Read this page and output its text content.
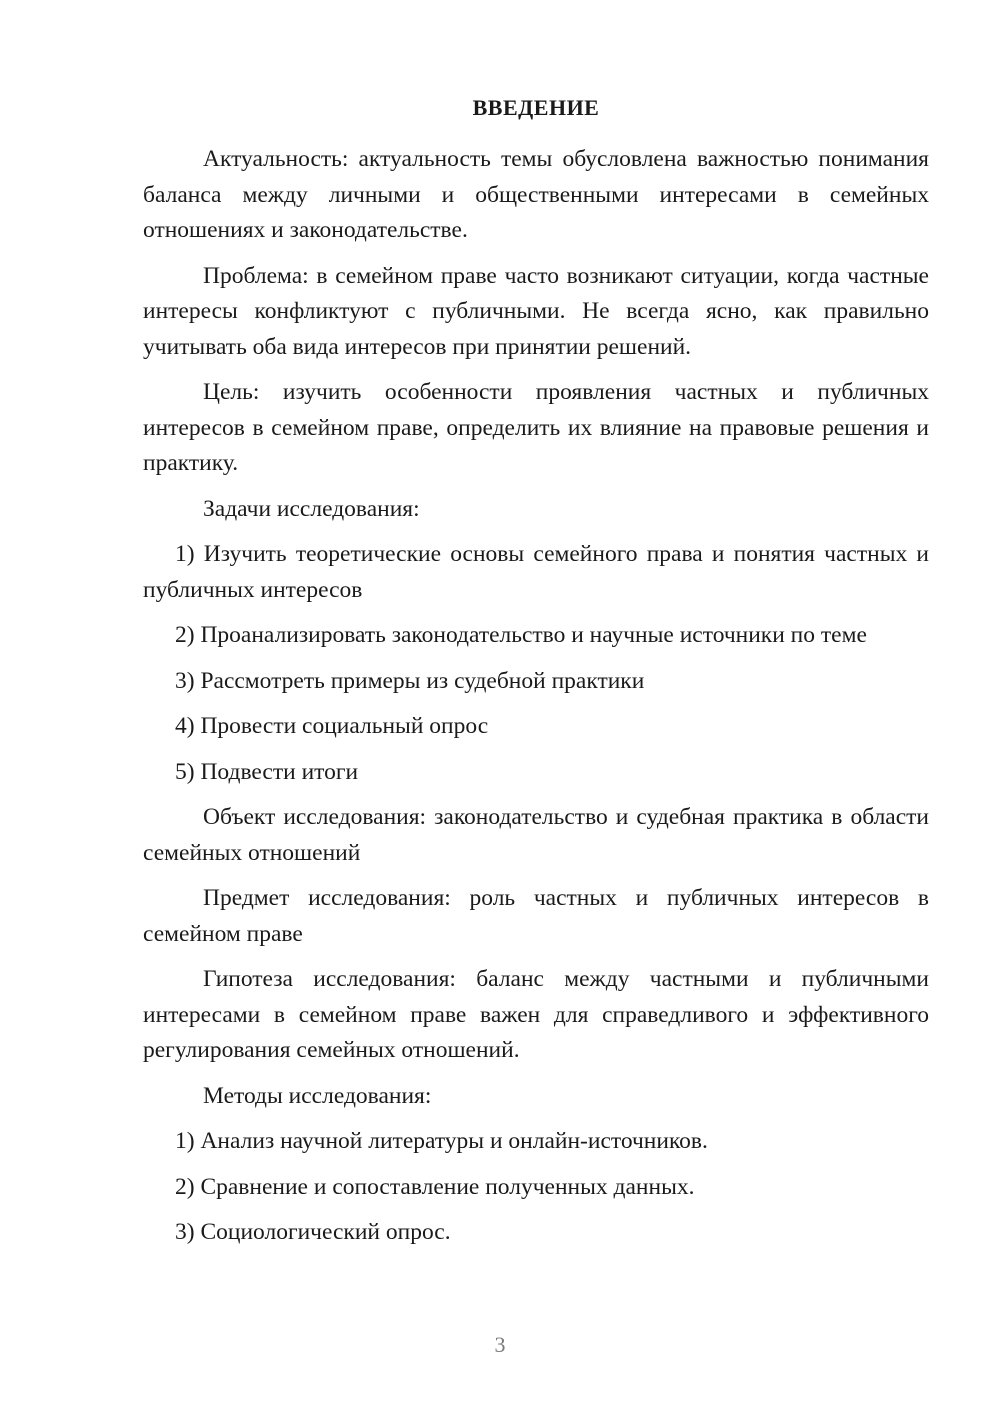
ВВЕДЕНИЕ

Актуальность: актуальность темы обусловлена важностью понимания баланса между личными и общественными интересами в семейных отношениях и законодательстве.

Проблема: в семейном праве часто возникают ситуации, когда частные интересы конфликтуют с публичными. Не всегда ясно, как правильно учитывать оба вида интересов при принятии решений.

Цель: изучить особенности проявления частных и публичных интересов в семейном праве, определить их влияние на правовые решения и практику.

Задачи исследования:

1) Изучить теоретические основы семейного права и понятия частных и публичных интересов

2) Проанализировать законодательство и научные источники по теме

3) Рассмотреть примеры из судебной практики

4) Провести социальный опрос

5) Подвести итоги

Объект исследования: законодательство и судебная практика в области семейных отношений

Предмет исследования: роль частных и публичных интересов в семейном праве

Гипотеза исследования: баланс между частными и публичными интересами в семейном праве важен для справедливого и эффективного регулирования семейных отношений.

Методы исследования:

1) Анализ научной литературы и онлайн-источников.

2) Сравнение и сопоставление полученных данных.

3) Социологический опрос.

3
